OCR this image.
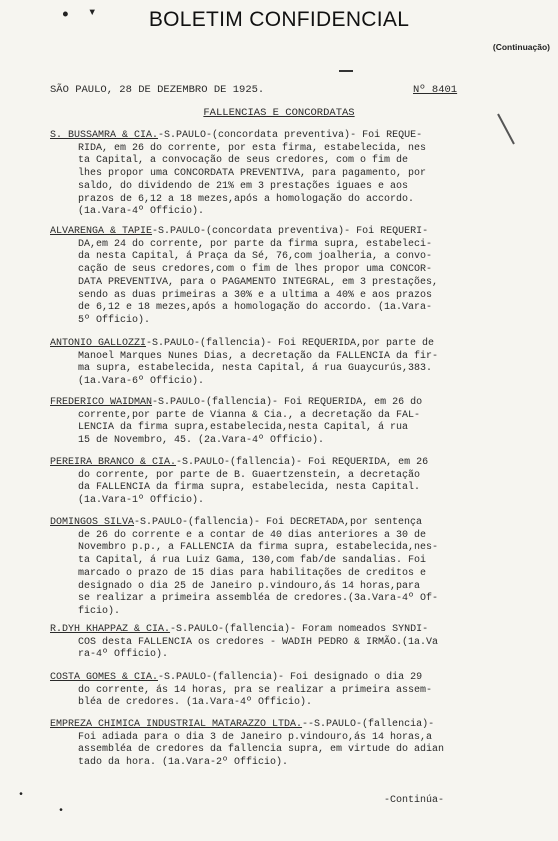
• ▾
•
•
BOLETIM CONFIDENCIAL
(Continuação)
SÃO PAULO, 28 DE DEZEMBRO DE 1925.	Nº 8401
FALLENCIAS E CONCORDATAS
S. BUSSAMRA & CIA.-S.PAULO-(concordata preventiva)- Foi REQUE-
RIDA, em 26 do corrente, por esta firma, estabelecida, nes
ta Capital, a convocação de seus credores, com o fim de
lhes propor uma CONCORDATA PREVENTIVA, para pagamento, por
saldo, do dividendo de 21% em 3 prestações iguaes e aos
prazos de 6,12 a 18 mezes,após a homologação do accordo.
(1a.Vara-4º Officio).
ALVARENGA & TAPIE-S.PAULO-(concordata preventiva)- Foi REQUERI-
DA,em 24 do corrente, por parte da firma supra, estabeleci-
da nesta Capital, á Praça da Sé, 76,com joalheria, a convo-
cação de seus credores,com o fim de lhes propor uma CONCOR-
DATA PREVENTIVA, para o PAGAMENTO INTEGRAL, em 3 prestações,
sendo as duas primeiras a 30% e a ultima a 40% e aos prazos
de 6,12 e 18 mezes,após a homologação do accordo. (1a.Vara-
5º Officio).
ANTONIO GALLOZZI-S.PAULO-(fallencia)- Foi REQUERIDA,por parte de
Manoel Marques Nunes Dias, a decretação da FALLENCIA da fir-
ma supra, estabelecida, nesta Capital, á rua Guaycurús,383.
(1a.Vara-6º Officio).
FREDERICO WAIDMAN-S.PAULO-(fallencia)- Foi REQUERIDA, em 26 do
corrente,por parte de Vianna & Cia., a decretação da FAL-
LENCIA da firma supra,estabelecida,nesta Capital, á rua
15 de Novembro, 45. (2a.Vara-4º Officio).
PEREIRA BRANCO & CIA.-S.PAULO-(fallencia)- Foi REQUERIDA, em 26
do corrente, por parte de B. Guaertzenstein, a decretação
da FALLENCIA da firma supra, estabelecida, nesta Capital.
(1a.Vara-1º Officio).
DOMINGOS SILVA-S.PAULO-(fallencia)- Foi DECRETADA,por sentença
de 26 do corrente e a contar de 40 dias anteriores a 30 de
Novembro p.p., a FALLENCIA da firma supra, estabelecida,nes-
ta Capital, á rua Luiz Gama, 130,com fab/de sandalias. Foi
marcado o prazo de 15 dias para habilitações de creditos e
designado o dia 25 de Janeiro p.vindouro,ás 14 horas,para
se realizar a primeira assembléa de credores.(3a.Vara-4º Of-
ficio).
R.DYH KHAPPAZ & CIA.-S.PAULO-(fallencia)- Foram nomeados SYNDI-
COS desta FALLENCIA os credores - WADIH PEDRO & IRMÃO.(1a.Va
ra-4º Officio).
COSTA GOMES & CIA.-S.PAULO-(fallencia)- Foi designado o dia 29
do corrente, ás 14 horas, pra se realizar a primeira assem-
bléa de credores. (1a.Vara-4º Officio).
EMPREZA CHIMICA INDUSTRIAL MATARAZZO LTDA.--S.PAULO-(fallencia)-
Foi adiada para o dia 3 de Janeiro p.vindouro,ás 14 horas,a
assembléa de credores da fallencia supra, em virtude do adian
tado da hora. (1a.Vara-2º Officio).
-Continúa-
